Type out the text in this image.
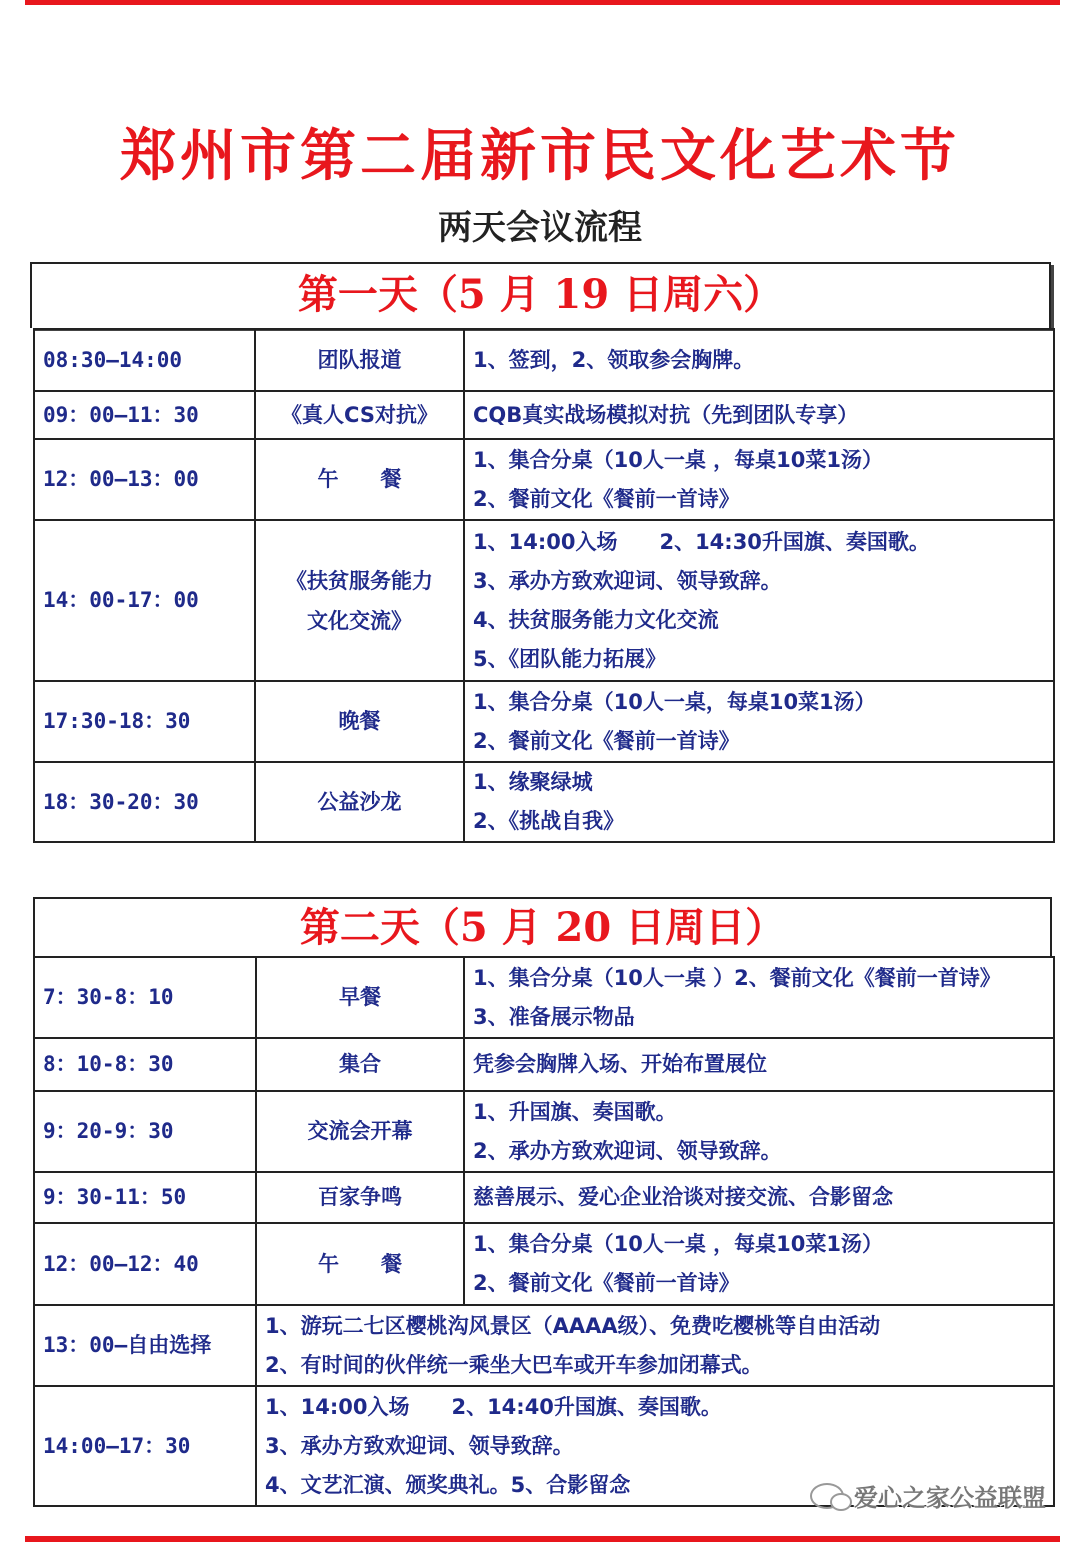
郑州市第二届新市民文化艺术节
两天会议流程
第一天（5 月 19 日周六）
08:30—14:00	团队报道	1、签到，2、领取参会胸牌。

09：00—11：30	《真人CS对抗》	CQB真实战场模拟对抗（先到团队专享）

12：00—13：00	午　　餐	1、集合分桌（10人一桌 ，每桌10菜1汤）
2、餐前文化《餐前一首诗》

14：00-17：00	《扶贫服务能力
文化交流》	1、14:00入场　　2、14:30升国旗、奏国歌。
3、承办方致欢迎词、领导致辞。
4、扶贫服务能力文化交流
5、《团队能力拓展》

17:30-18：30	晚餐	1、集合分桌（10人一桌，每桌10菜1汤）
2、餐前文化《餐前一首诗》

18：30-20：30	公益沙龙	1、缘聚绿城
2、《挑战自我》
第二天（5 月 20 日周日）
7：30-8：10	早餐	1、集合分桌（10人一桌 ）2、餐前文化《餐前一首诗》
3、准备展示物品

8：10-8：30	集合	凭参会胸牌入场、开始布置展位

9：20-9：30	交流会开幕	1、升国旗、奏国歌。
2、承办方致欢迎词、领导致辞。

9：30-11：50	百家争鸣	慈善展示、爱心企业洽谈对接交流、合影留念

12：00—12：40	午　　餐	1、集合分桌（10人一桌 ，每桌10菜1汤）
2、餐前文化《餐前一首诗》

13：00—自由选择	1、游玩二七区樱桃沟风景区（AAAA级）、免费吃樱桃等自由活动
2、有时间的伙伴统一乘坐大巴车或开车参加闭幕式。	

14:00—17：30	1、14:00入场　　2、14:40升国旗、奏国歌。
3、承办方致欢迎词、领导致辞。
4、文艺汇演、颁奖典礼。5、合影留念		爱心之家公益联盟
